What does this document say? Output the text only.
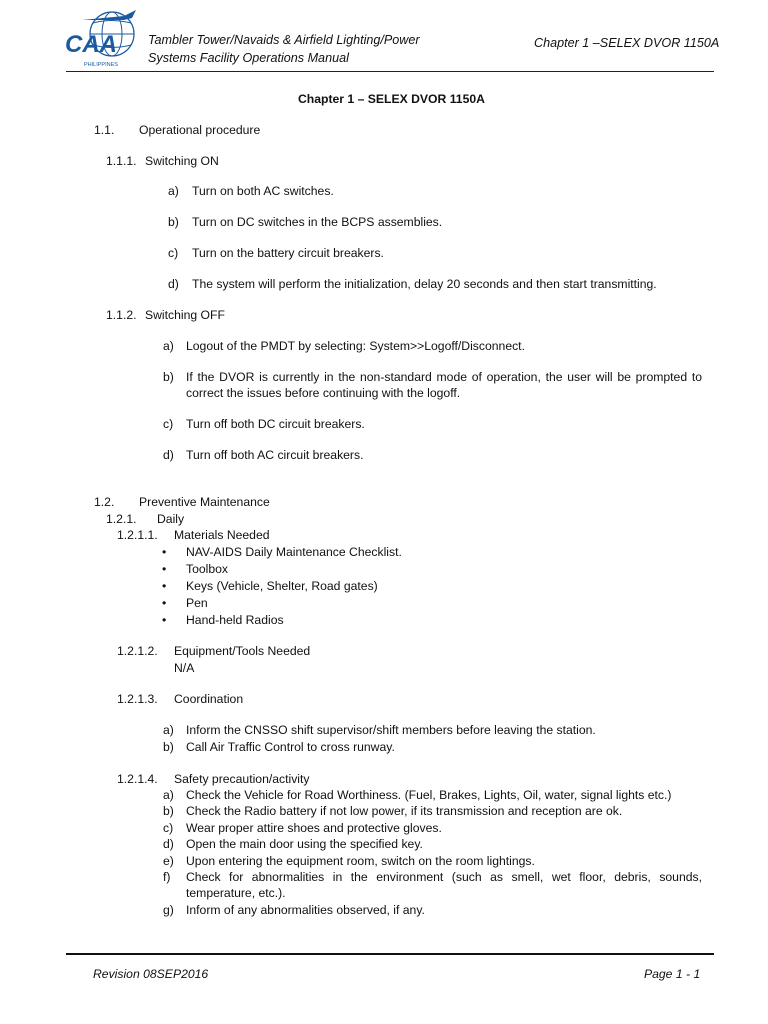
CAA
PHILIPPINES
Tambler Tower/Navaids & Airfield Lighting/Power
Systems Facility Operations Manual
Chapter 1 –SELEX DVOR 1150A
Chapter 1 – SELEX DVOR 1150A
1.1. Operational procedure
1.1.1. Switching ON
a) Turn on both AC switches.
b) Turn on DC switches in the BCPS assemblies.
c) Turn on the battery circuit breakers.
d) The system will perform the initialization, delay 20 seconds and then start transmitting.
1.1.2. Switching OFF
a) Logout of the PMDT by selecting: System>>Logoff/Disconnect.
b) If the DVOR is currently in the non-standard mode of operation, the user will be prompted to correct the issues before continuing with the logoff.
c) Turn off both DC circuit breakers.
d) Turn off both AC circuit breakers.
1.2. Preventive Maintenance
1.2.1. Daily
1.2.1.1. Materials Needed
• NAV-AIDS Daily Maintenance Checklist.
• Toolbox
• Keys (Vehicle, Shelter, Road gates)
• Pen
• Hand-held Radios
1.2.1.2. Equipment/Tools Needed
N/A
1.2.1.3. Coordination
a) Inform the CNSSO shift supervisor/shift members before leaving the station.
b) Call Air Traffic Control to cross runway.
1.2.1.4. Safety precaution/activity
a) Check the Vehicle for Road Worthiness. (Fuel, Brakes, Lights, Oil, water, signal lights etc.)
b) Check the Radio battery if not low power, if its transmission and reception are ok.
c) Wear proper attire shoes and protective gloves.
d) Open the main door using the specified key.
e) Upon entering the equipment room, switch on the room lightings.
f) Check for abnormalities in the environment (such as smell, wet floor, debris, sounds, temperature, etc.).
g) Inform of any abnormalities observed, if any.
Revision 08SEP2016	Page 1 - 1
